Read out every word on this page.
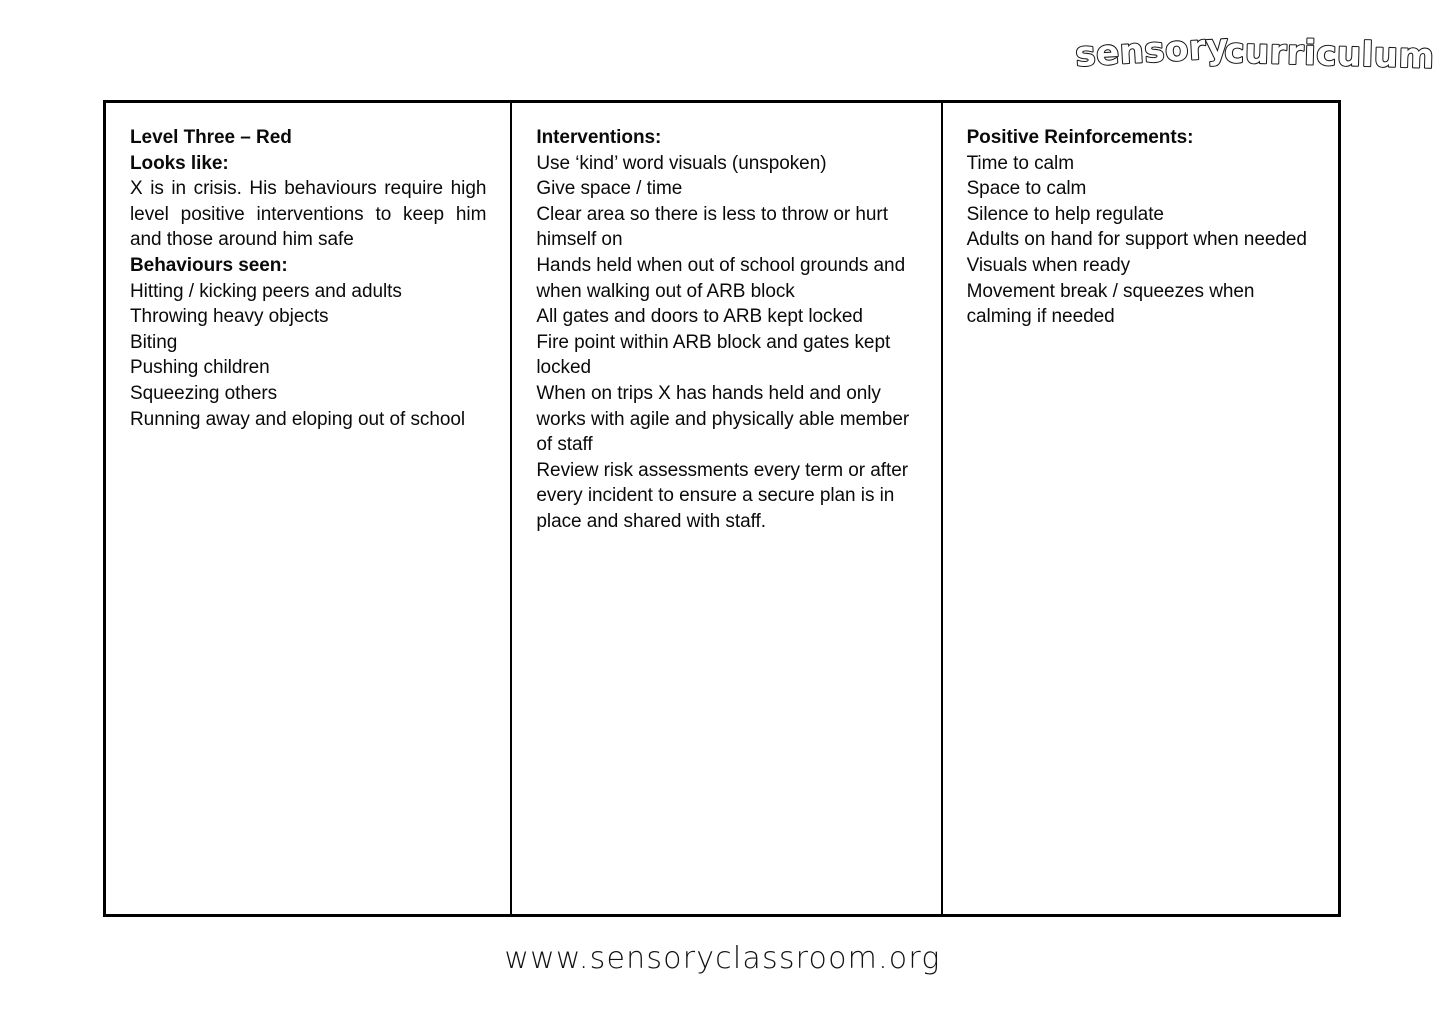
sensory
curriculum
Level Three – Red
Looks like:
X is in crisis. His behaviours require high level positive interventions to keep him and those around him safe
Behaviours seen:
Hitting / kicking peers and adults
Throwing heavy objects
Biting
Pushing children
Squeezing others
Running away and eloping out of school
Interventions:
Use ‘kind’ word visuals (unspoken)
Give space / time
Clear area so there is less to throw or hurt himself on
Hands held when out of school grounds and when walking out of ARB block
All gates and doors to ARB kept locked
Fire point within ARB block and gates kept locked
When on trips X has hands held and only works with agile and physically able member of staff
Review risk assessments every term or after every incident to ensure a secure plan is in place and shared with staff.
Positive Reinforcements:
Time to calm
Space to calm
Silence to help regulate
Adults on hand for support when needed
Visuals when ready
Movement break / squeezes when calming if needed
www.sensoryclassroom.org
